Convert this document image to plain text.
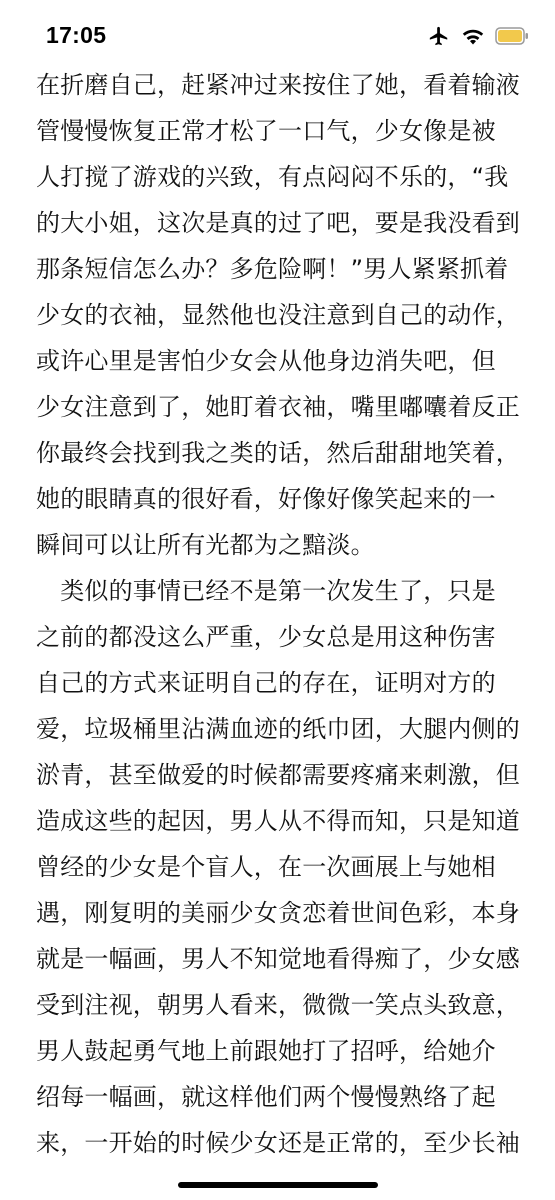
17:05

在折磨自己，赶紧冲过来按住了她，看着输液
管慢慢恢复正常才松了一口气，少女像是被
人打搅了游戏的兴致，有点闷闷不乐的，“我
的大小姐，这次是真的过了吧，要是我没看到
那条短信怎么办？多危险啊！”男人紧紧抓着
少女的衣袖，显然他也没注意到自己的动作，
或许心里是害怕少女会从他身边消失吧，但
少女注意到了，她盯着衣袖，嘴里嘟囔着反正
你最终会找到我之类的话，然后甜甜地笑着，
她的眼睛真的很好看，好像好像笑起来的一
瞬间可以让所有光都为之黯淡。

　类似的事情已经不是第一次发生了，只是
之前的都没这么严重，少女总是用这种伤害
自己的方式来证明自己的存在，证明对方的
爱，垃圾桶里沾满血迹的纸巾团，大腿内侧的
淤青，甚至做爱的时候都需要疼痛来刺激，但
造成这些的起因，男人从不得而知，只是知道
曾经的少女是个盲人，在一次画展上与她相
遇，刚复明的美丽少女贪恋着世间色彩，本身
就是一幅画，男人不知觉地看得痴了，少女感
受到注视，朝男人看来，微微一笑点头致意，
男人鼓起勇气地上前跟她打了招呼，给她介
绍每一幅画，就这样他们两个慢慢熟络了起
来，一开始的时候少女还是正常的，至少长袖
